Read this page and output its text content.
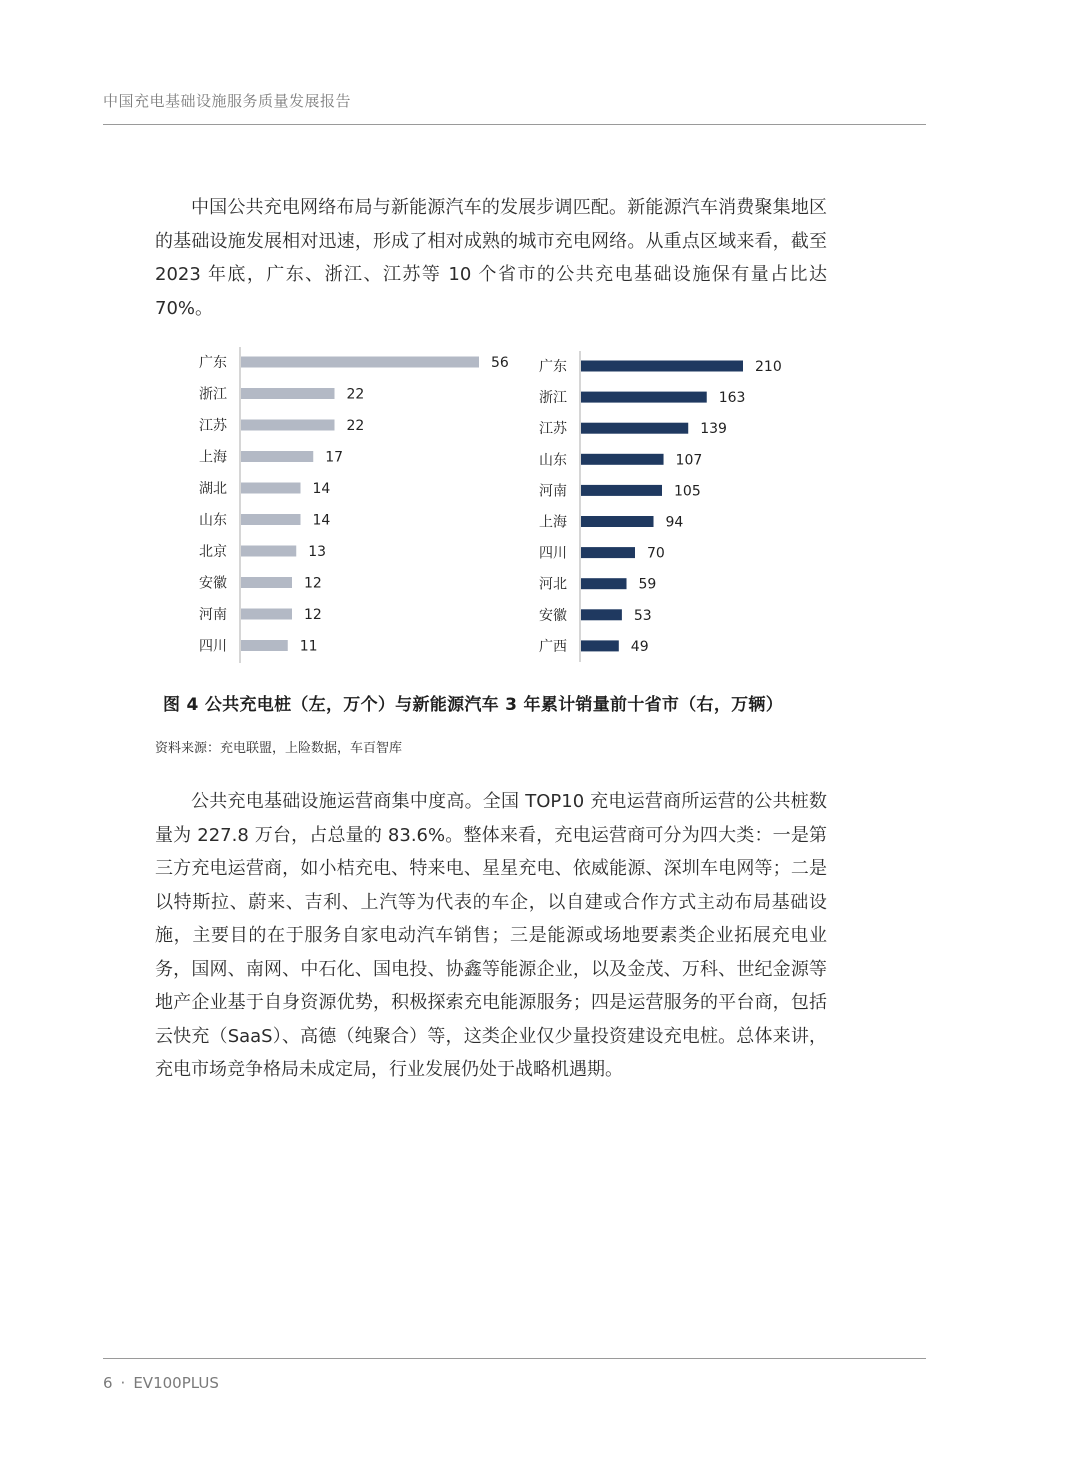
中国充电基础设施服务质量发展报告

中国公共充电网络布局与新能源汽车的发展步调匹配。新能源汽车消费聚集地区的基础设施发展相对迅速，形成了相对成熟的城市充电网络。从重点区域来看，截至 2023 年底，广东、浙江、江苏等 10 个省市的公共充电基础设施保有量占比达 70%。

广东	56
浙江	22
江苏	22
上海	17
湖北	14
山东	14
北京	13
安徽	12
河南	12
四川	11
广东	210
浙江	163
江苏	139
山东	107
河南	105
上海	94
四川	70
河北	59
安徽	53
广西	49
图 4 公共充电桩（左，万个）与新能源汽车 3 年累计销量前十省市（右，万辆）
资料来源：充电联盟，上险数据，车百智库

公共充电基础设施运营商集中度高。全国 TOP10 充电运营商所运营的公共桩数量为 227.8 万台，占总量的 83.6%。整体来看，充电运营商可分为四大类：一是第三方充电运营商，如小桔充电、特来电、星星充电、依威能源、深圳车电网等；二是以特斯拉、蔚来、吉利、上汽等为代表的车企，以自建或合作方式主动布局基础设施，主要目的在于服务自家电动汽车销售；三是能源或场地要素类企业拓展充电业务，国网、南网、中石化、国电投、协鑫等能源企业，以及金茂、万科、世纪金源等地产企业基于自身资源优势，积极探索充电能源服务；四是运营服务的平台商，包括云快充（SaaS）、高德（纯聚合）等，这类企业仅少量投资建设充电桩。总体来讲，充电市场竞争格局未成定局，行业发展仍处于战略机遇期。

6 · EV100PLUS
